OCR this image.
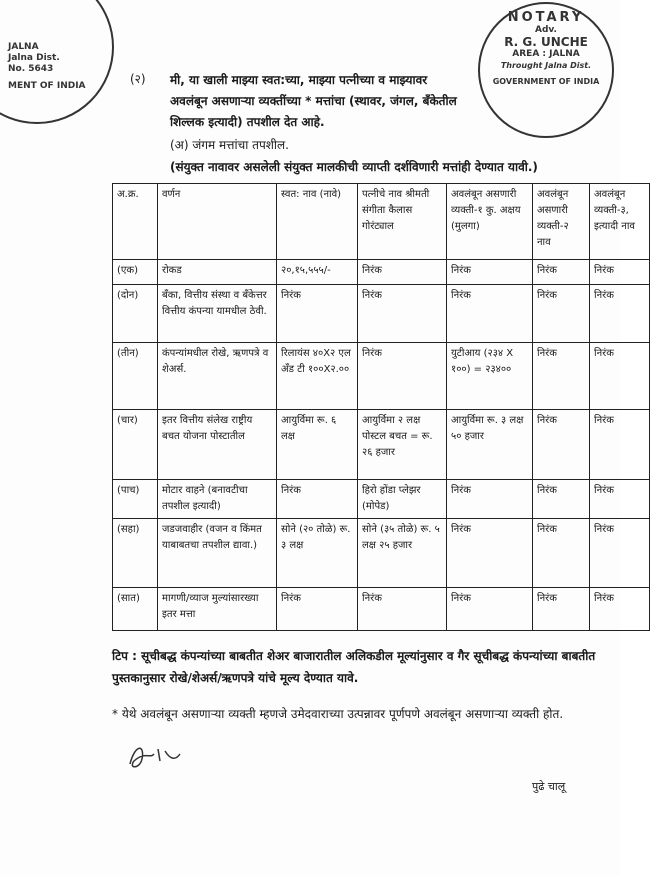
JALNA
Jalna Dist.
No. 5643
MENT OF INDIA
NOTARY
Adv.
R. G. UNCHE
AREA : JALNA
Throught Jalna Dist.
GOVERNMENT OF INDIA
(२) मी, या खाली माझ्या स्वत:च्या, माझ्या पत्नीच्या व माझ्यावर अवलंबून असणाऱ्या व्यक्तींच्या * मत्तांचा (स्थावर, जंगल, बँकेतील शिल्लक इत्यादी) तपशील देत आहे.
(अ) जंगम मत्तांचा तपशील.
(संयुक्त नावावर असलेली संयुक्त मालकीची व्याप्ती दर्शविणारी मत्तांही देण्यात यावी.)
अ.क्र.	वर्णन	स्वत: नाव (नावे)	पत्नीचे नाव श्रीमती संगीता कैलास गोरंट्याल	अवलंबून असणारी व्यक्ती-१ कु. अक्षय (मुलगा)	अवलंबून असणारी व्यक्ती-२ नाव	अवलंबून व्यक्ती-३, इत्यादी नाव
(एक)	रोकड	२०,१५,५५५/-	निरंक	निरंक	निरंक	निरंक
(दोन)	बँका, वित्तीय संस्था व बँकेत्तर वित्तीय कंपन्या यामधील ठेवी.	निरंक	निरंक	निरंक	निरंक	निरंक
(तीन)	कंपन्यांमधील रोखे, ऋणपत्रे व शेअर्स.	रिलायंस ४०X२ एल अँड टी १००X२.००	निरंक	युटीआय (२३४ X १००) = २३४००	निरंक	निरंक
(चार)	इतर वित्तीय संलेख राष्ट्रीय बचत योजना पोस्टातील	आयुर्विमा रू. ६ लक्ष	आयुर्विमा २ लक्ष पोस्टल बचत = रू. २६ हजार	आयुर्विमा रू. ३ लक्ष ५० हजार	निरंक	निरंक
(पाच)	मोटार वाहने (बनावटीचा तपशील इत्यादी)	निरंक	हिरो होंडा प्लेझर (मोपेड)	निरंक	निरंक	निरंक
(सहा)	जडजवाहीर (वजन व किंमत याबाबतचा तपशील द्यावा.)	सोने (२० तोळे) रू. ३ लक्ष	सोने (३५ तोळे) रू. ५ लक्ष २५ हजार	निरंक	निरंक	निरंक
(सात)	मागणी/व्याज मुल्यांसारख्या इतर मत्ता	निरंक	निरंक	निरंक	निरंक	निरंक
टिप : सूचीबद्ध कंपन्यांच्या बाबतीत शेअर बाजारातील अलिकडील मूल्यांनुसार व गैर सूचीबद्ध कंपन्यांच्या बाबतीत पुस्तकानुसार रोखे/शेअर्स/ऋणपत्रे यांचे मूल्य देण्यात यावे.
* येथे अवलंबून असणाऱ्या व्यक्ती म्हणजे उमेदवाराच्या उत्पन्नावर पूर्णपणे अवलंबून असणाऱ्या व्यक्ती होत.
पुढे चालू
